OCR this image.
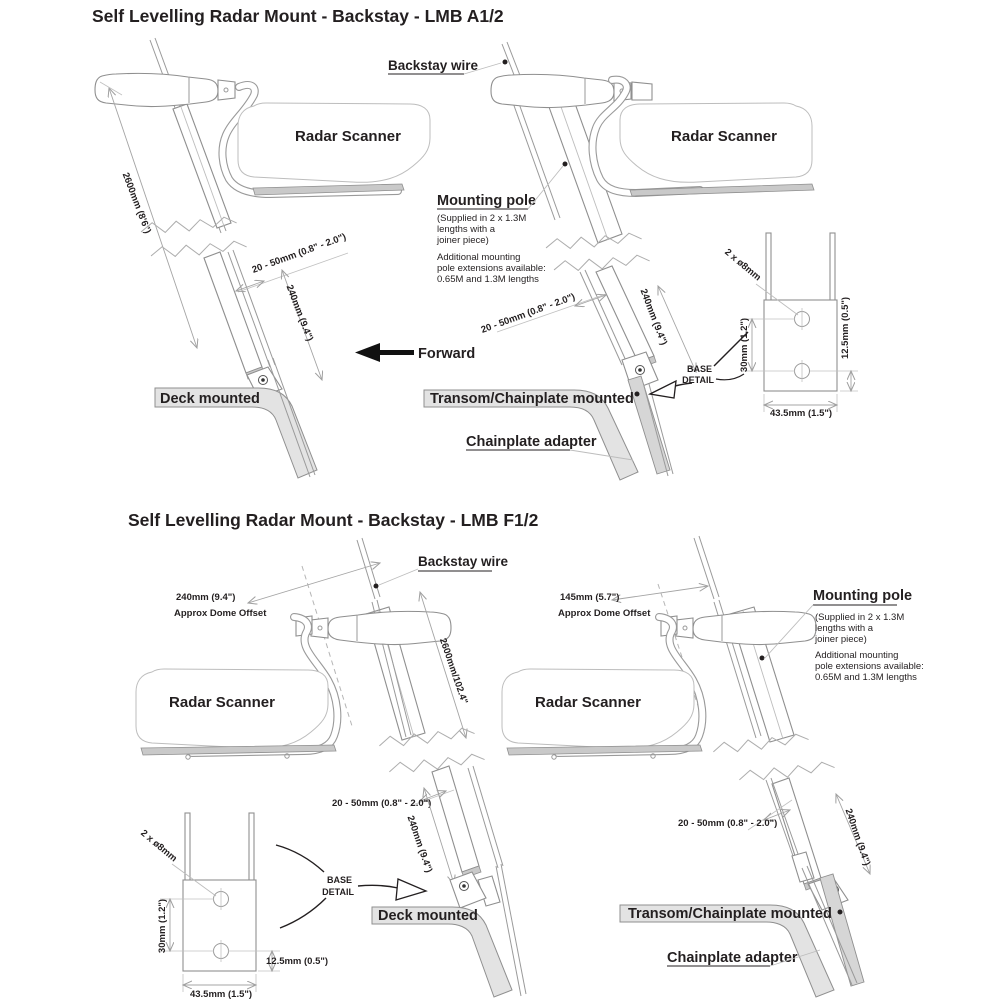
Self Levelling Radar Mount - Backstay - LMB A1/2
Radar Scanner
2600mm (8'6")
20 - 50mm (0.8" - 2.0")
240mm (9.4")
Deck mounted
Backstay wire
Radar Scanner
Mounting pole
(Supplied in 2 x 1.3M
lengths with a
joiner piece)
Additional mounting
pole extensions available:
0.65M and 1.3M lengths
20 - 50mm (0.8" - 2.0")	240mm (9.4")
Forward
Transom/Chainplate mounted
Chainplate adapter
BASE
DETAIL
30mm (1.2")	12.5mm (0.5")
43.5mm (1.5")
2 x ø8mm
Self Levelling Radar Mount - Backstay - LMB F1/2
Backstay wire
240mm (9.4")
Approx Dome Offset
Radar Scanner	2600mm/102.4"
20 - 50mm (0.8" - 2.0")
240mm (9.4")
Deck mounted
BASE
DETAIL
30mm (1.2")
12.5mm (0.5")
43.5mm (1.5")
2 x ø8mm
145mm (5.7")
Approx Dome Offset
Radar Scanner
Mounting pole
(Supplied in 2 x 1.3M
lengths with a
joiner piece)
Additional mounting
pole extensions available:
0.65M and 1.3M lengths
20 - 50mm (0.8" - 2.0")	240mm (9.4")
Transom/Chainplate mounted
Chainplate adapter
